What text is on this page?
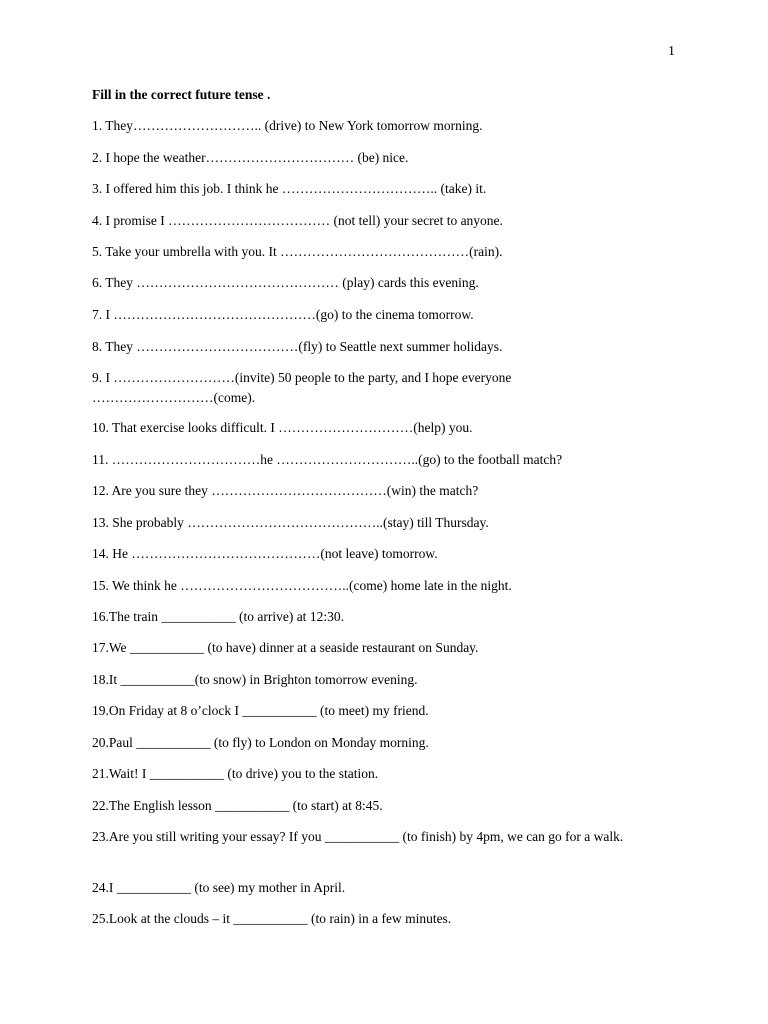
1
Fill in the correct future tense .
1. They……………………….. (drive) to New York tomorrow morning.
2. I hope the weather…………………………… (be) nice.
3. I offered him this job. I think he …………………………….. (take) it.
4. I promise I ……………………………… (not tell) your secret to anyone.
5. Take your umbrella with you. It ……………………………………(rain).
6. They ……………………………………… (play) cards this evening.
7. I ………………………………………(go) to the cinema tomorrow.
8. They ………………………………(fly) to Seattle next summer holidays.
9. I ………………………(invite) 50 people to the party, and I hope everyone ………………………(come).
10. That exercise looks difficult. I …………………………(help) you.
11. ……………………………he …………………………..(go) to the football match?
12. Are you sure they …………………………………(win) the match?
13. She probably ……………………………………..(stay) till Thursday.
14. He ……………………………………(not leave) tomorrow.
15. We think he ………………………………..(come) home late in the night.
16.The train ___________ (to arrive) at 12:30.
17.We ___________ (to have) dinner at a seaside restaurant on Sunday.
18.It ___________(to snow) in Brighton tomorrow evening.
19.On Friday at 8 o’clock I ___________ (to meet) my friend.
20.Paul ___________ (to fly) to London on Monday morning.
21.Wait! I ___________ (to drive) you to the station.
22.The English lesson ___________ (to start) at 8:45.
23.Are you still writing your essay? If you ___________ (to finish) by 4pm, we can go for a walk.
24.I ___________ (to see) my mother in April.
25.Look at the clouds – it ___________ (to rain) in a few minutes.
